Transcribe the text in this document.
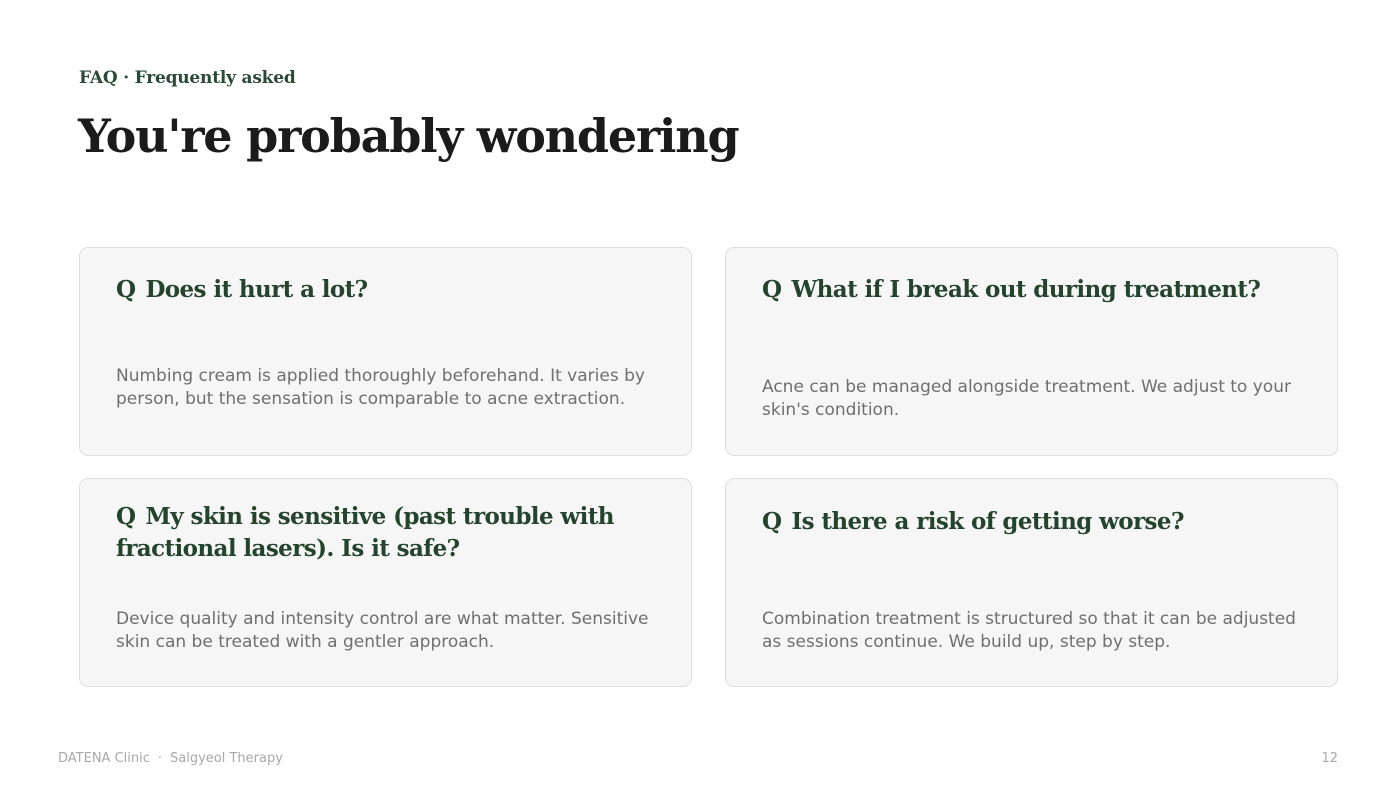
FAQ · Frequently asked
You're probably wondering
Q Does it hurt a lot?
Numbing cream is applied thoroughly beforehand. It varies by person, but the sensation is comparable to acne extraction.
Q What if I break out during treatment?
Acne can be managed alongside treatment. We adjust to your skin's condition.
Q My skin is sensitive (past trouble with fractional lasers). Is it safe?
Device quality and intensity control are what matter. Sensitive skin can be treated with a gentler approach.
Q Is there a risk of getting worse?
Combination treatment is structured so that it can be adjusted as sessions continue. We build up, step by step.
DATENA Clinic · Salgyeol Therapy	12
